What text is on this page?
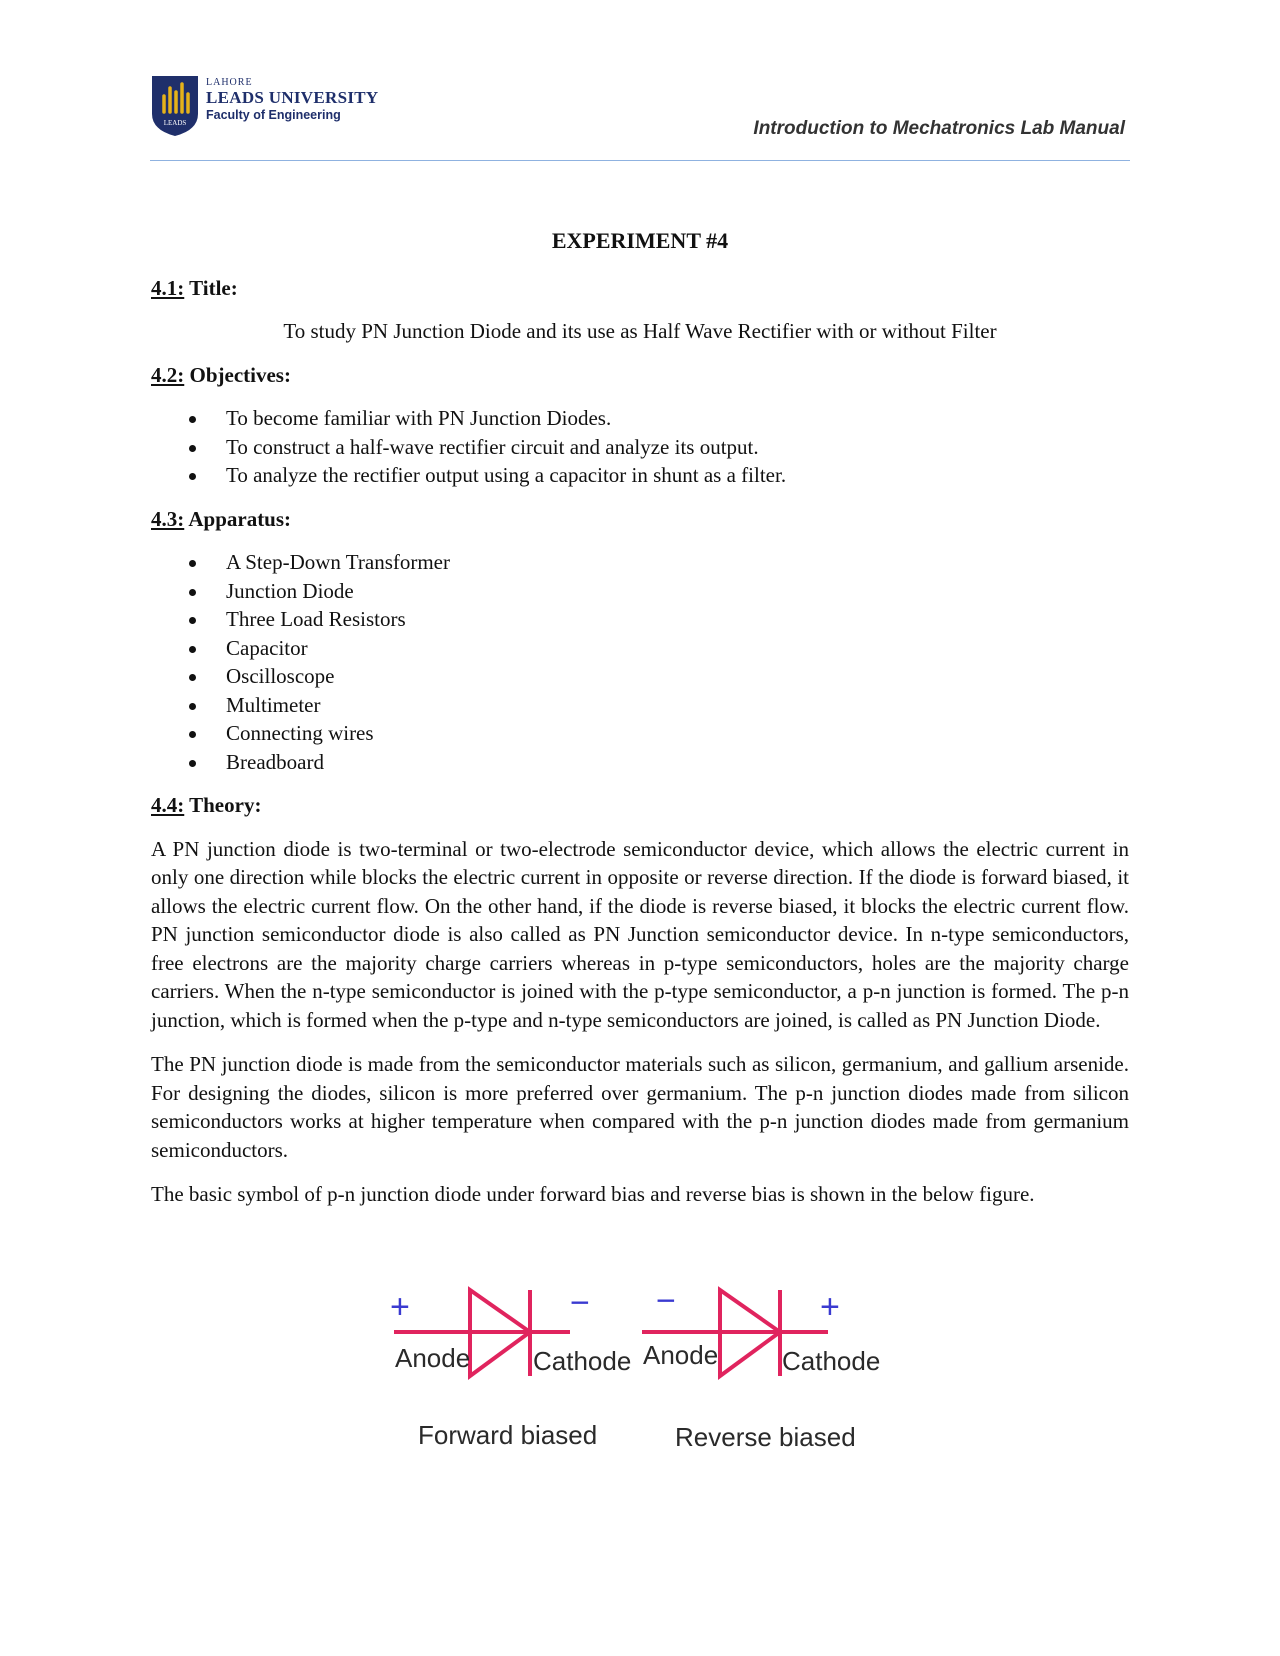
LEADS
LAHORE
LEADS UNIVERSITY
Faculty of Engineering
Introduction to Mechatronics Lab Manual
EXPERIMENT #4
4.1: Title:
To study PN Junction Diode and its use as Half Wave Rectifier with or without Filter
4.2: Objectives:
To become familiar with PN Junction Diodes.
To construct a half-wave rectifier circuit and analyze its output.
To analyze the rectifier output using a capacitor in shunt as a filter.
4.3: Apparatus:
A Step-Down Transformer
Junction Diode
Three Load Resistors
Capacitor
Oscilloscope
Multimeter
Connecting wires
Breadboard
4.4: Theory:

A PN junction diode is two-terminal or two-electrode semiconductor device, which allows the electric current in only one direction while blocks the electric current in opposite or reverse direction. If the diode is forward biased, it allows the electric current flow. On the other hand, if the diode is reverse biased, it blocks the electric current flow. PN junction semiconductor diode is also called as PN Junction semiconductor device. In n-type semiconductors, free electrons are the majority charge carriers whereas in p-type semiconductors, holes are the majority charge carriers. When the n-type semiconductor is joined with the p-type semiconductor, a p-n junction is formed. The p-n junction, which is formed when the p-type and n-type semiconductors are joined, is called as PN Junction Diode.

The PN junction diode is made from the semiconductor materials such as silicon, germanium, and gallium arsenide. For designing the diodes, silicon is more preferred over germanium. The p-n junction diodes made from silicon semiconductors works at higher temperature when compared with the p-n junction diodes made from germanium semiconductors.

The basic symbol of p-n junction diode under forward bias and reverse bias is shown in the below figure.

+	−
Anode Cathode
Forward biased
−	+
Anode Cathode
Reverse biased
